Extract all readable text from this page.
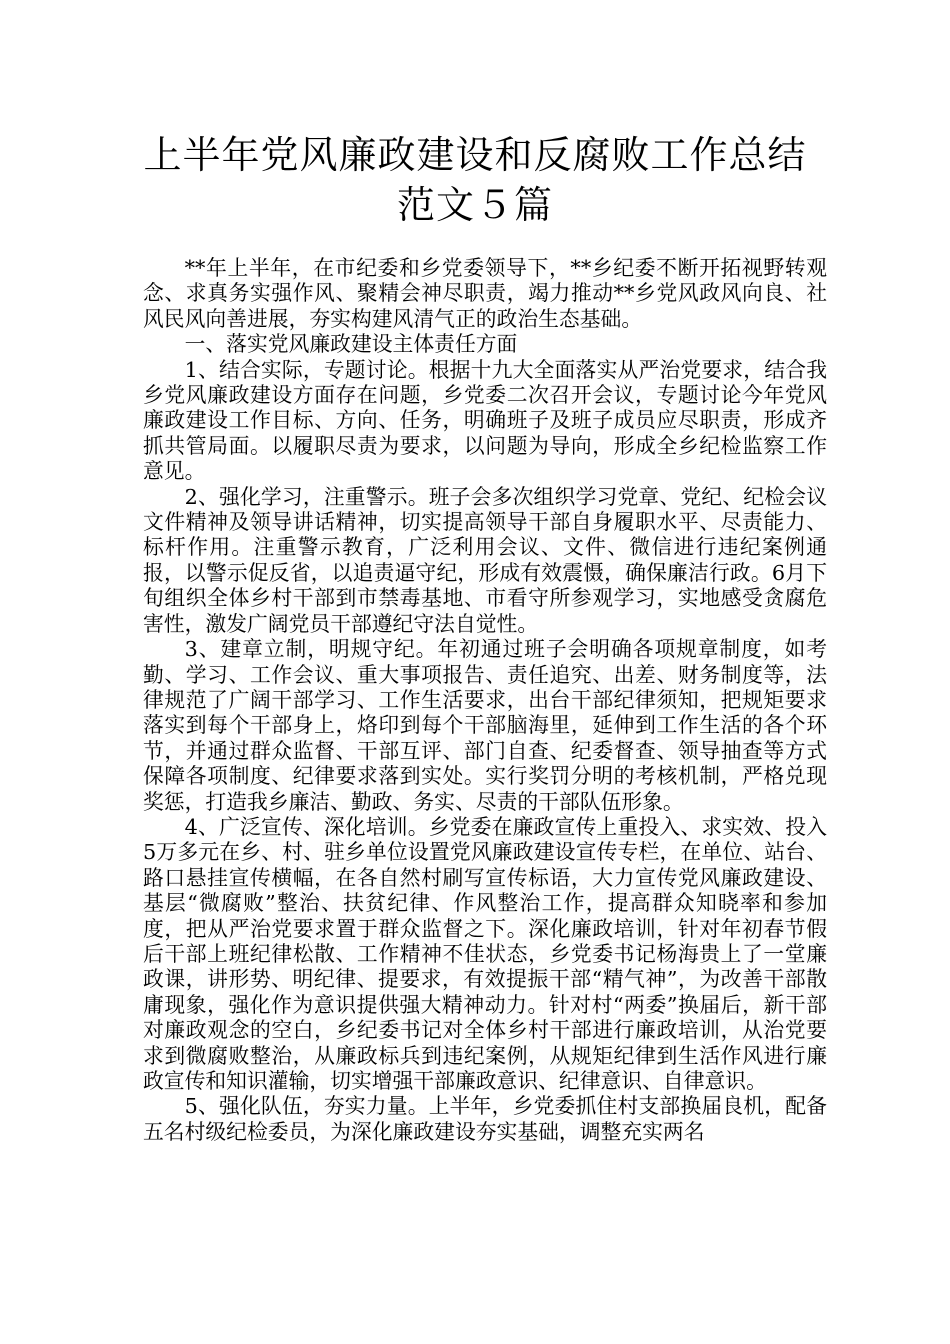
上半年党风廉政建设和反腐败工作总结
范文５篇

**年上半年，在市纪委和乡党委领导下，**乡纪委不断开拓视野转观念、求真务实强作风、聚精会神尽职责，竭力推动**乡党风政风向良、社风民风向善进展，夯实构建风清气正的政治生态基础。

一、落实党风廉政建设主体责任方面

1、结合实际，专题讨论。根据十九大全面落实从严治党要求，结合我乡党风廉政建设方面存在问题，乡党委二次召开会议，专题讨论今年党风廉政建设工作目标、方向、任务，明确班子及班子成员应尽职责，形成齐抓共管局面。以履职尽责为要求，以问题为导向，形成全乡纪检监察工作意见。

2、强化学习，注重警示。班子会多次组织学习党章、党纪、纪检会议文件精神及领导讲话精神，切实提高领导干部自身履职水平、尽责能力、标杆作用。注重警示教育，广泛利用会议、文件、微信进行违纪案例通报，以警示促反省，以追责逼守纪，形成有效震慑，确保廉洁行政。6月下旬组织全体乡村干部到市禁毒基地、市看守所参观学习，实地感受贪腐危害性，激发广阔党员干部遵纪守法自觉性。

3、建章立制，明规守纪。年初通过班子会明确各项规章制度，如考勤、学习、工作会议、重大事项报告、责任追究、出差、财务制度等，法律规范了广阔干部学习、工作生活要求，出台干部纪律须知，把规矩要求落实到每个干部身上，烙印到每个干部脑海里，延伸到工作生活的各个环节，并通过群众监督、干部互评、部门自查、纪委督查、领导抽查等方式保障各项制度、纪律要求落到实处。实行奖罚分明的考核机制，严格兑现奖惩，打造我乡廉洁、勤政、务实、尽责的干部队伍形象。

4、广泛宣传、深化培训。乡党委在廉政宣传上重投入、求实效、投入5万多元在乡、村、驻乡单位设置党风廉政建设宣传专栏，在单位、站台、路口悬挂宣传横幅，在各自然村刷写宣传标语，大力宣传党风廉政建设、基层“微腐败”整治、扶贫纪律、作风整治工作，提高群众知晓率和参加度，把从严治党要求置于群众监督之下。深化廉政培训，针对年初春节假后干部上班纪律松散、工作精神不佳状态，乡党委书记杨海贵上了一堂廉政课，讲形势、明纪律、提要求，有效提振干部“精气神”，为改善干部散庸现象，强化作为意识提供强大精神动力。针对村“两委”换届后，新干部对廉政观念的空白，乡纪委书记对全体乡村干部进行廉政培训，从治党要求到微腐败整治，从廉政标兵到违纪案例，从规矩纪律到生活作风进行廉政宣传和知识灌输，切实增强干部廉政意识、纪律意识、自律意识。

5、强化队伍，夯实力量。上半年，乡党委抓住村支部换届良机，配备五名村级纪检委员，为深化廉政建设夯实基础，调整充实两名
